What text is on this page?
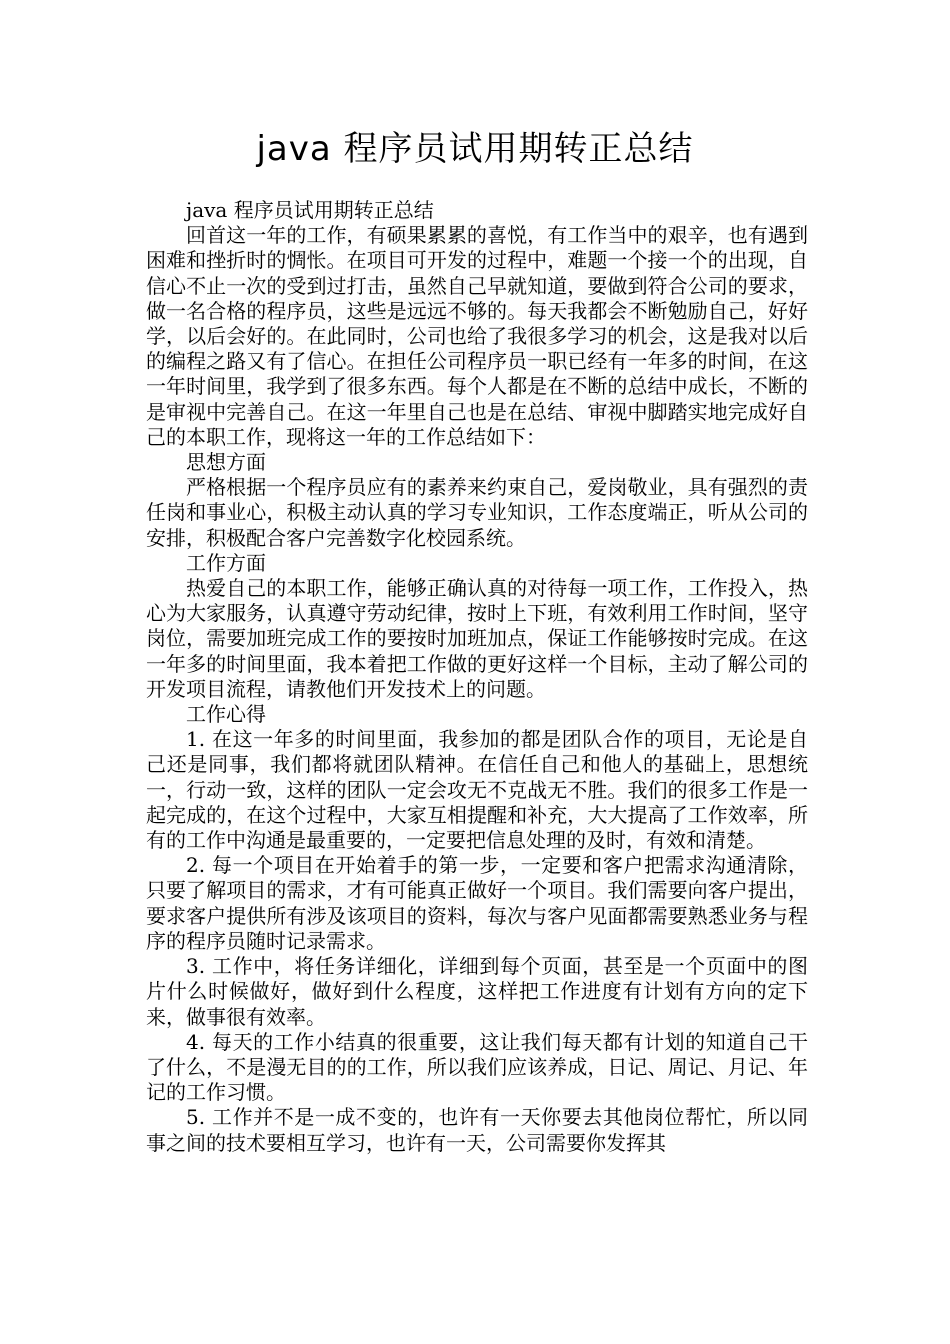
java 程序员试用期转正总结

java 程序员试用期转正总结

回首这一年的工作，有硕果累累的喜悦，有工作当中的艰辛，也有遇到困难和挫折时的惆怅。在项目可开发的过程中，难题一个接一个的出现，自信心不止一次的受到过打击，虽然自己早就知道，要做到符合公司的要求，做一名合格的程序员，这些是远远不够的。每天我都会不断勉励自己，好好学，以后会好的。在此同时，公司也给了我很多学习的机会，这是我对以后的编程之路又有了信心。在担任公司程序员一职已经有一年多的时间，在这一年时间里，我学到了很多东西。每个人都是在不断的总结中成长，不断的是审视中完善自己。在这一年里自己也是在总结、审视中脚踏实地完成好自己的本职工作，现将这一年的工作总结如下：

思想方面

严格根据一个程序员应有的素养来约束自己，爱岗敬业，具有强烈的责任岗和事业心，积极主动认真的学习专业知识，工作态度端正，听从公司的安排，积极配合客户完善数字化校园系统。

工作方面

热爱自己的本职工作，能够正确认真的对待每一项工作，工作投入，热心为大家服务，认真遵守劳动纪律，按时上下班，有效利用工作时间，坚守岗位，需要加班完成工作的要按时加班加点，保证工作能够按时完成。在这一年多的时间里面，我本着把工作做的更好这样一个目标，主动了解公司的开发项目流程，请教他们开发技术上的问题。

工作心得

1. 在这一年多的时间里面，我参加的都是团队合作的项目，无论是自己还是同事，我们都将就团队精神。在信任自己和他人的基础上，思想统一，行动一致，这样的团队一定会攻无不克战无不胜。我们的很多工作是一起完成的，在这个过程中，大家互相提醒和补充，大大提高了工作效率，所有的工作中沟通是最重要的，一定要把信息处理的及时，有效和清楚。

2. 每一个项目在开始着手的第一步，一定要和客户把需求沟通清除，只要了解项目的需求，才有可能真正做好一个项目。我们需要向客户提出，要求客户提供所有涉及该项目的资料，每次与客户见面都需要熟悉业务与程序的程序员随时记录需求。

3. 工作中，将任务详细化，详细到每个页面，甚至是一个页面中的图片什么时候做好，做好到什么程度，这样把工作进度有计划有方向的定下来，做事很有效率。

4. 每天的工作小结真的很重要，这让我们每天都有计划的知道自己干了什么，不是漫无目的的工作，所以我们应该养成，日记、周记、月记、年记的工作习惯。

5. 工作并不是一成不变的，也许有一天你要去其他岗位帮忙，所以同事之间的技术要相互学习，也许有一天，公司需要你发挥其
